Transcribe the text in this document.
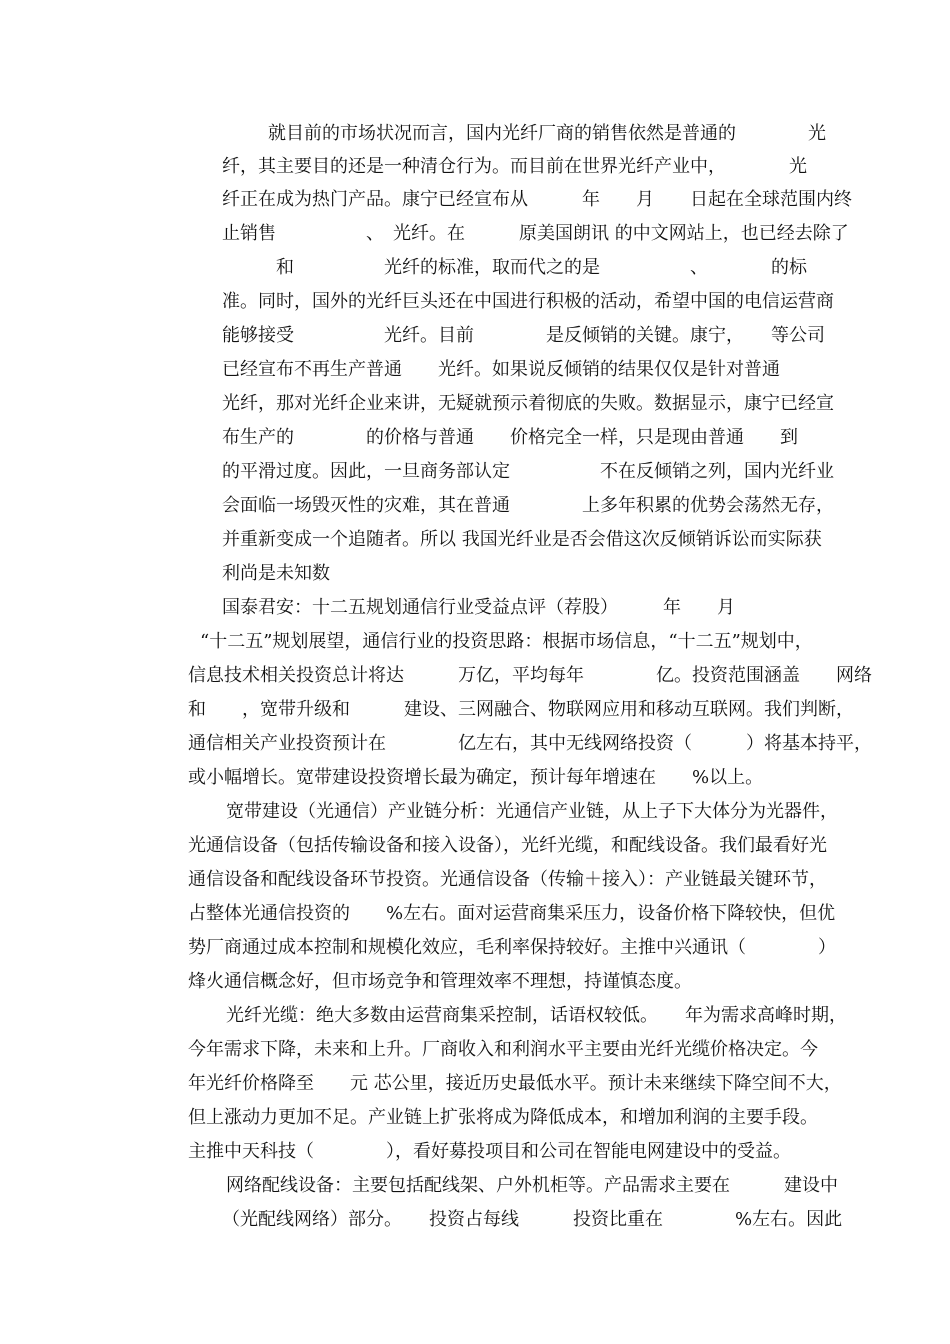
就目前的市场状况而言，国内光纤厂商的销售依然是普通的　　　　光
纤，其主要目的还是一种清仓行为。而目前在世界光纤产业中，　　　　光
纤正在成为热门产品。康宁已经宣布从　　　年　　月　　日起在全球范围内终
止销售　　　　　、　光纤。在　　　原美国朗讯 的中文网站上，也已经去除了
　　　和　　　　　光纤的标准，取而代之的是　　　　　、　　　　的标
准。同时，国外的光纤巨头还在中国进行积极的活动，希望中国的电信运营商
能够接受　　　　　光纤。目前　　　　是反倾销的关键。康宁，　　等公司
已经宣布不再生产普通　　光纤。如果说反倾销的结果仅仅是针对普通
光纤，那对光纤企业来讲，无疑就预示着彻底的失败。数据显示，康宁已经宣
布生产的　　　　的价格与普通　　价格完全一样，只是现由普通　　到
的平滑过度。因此，一旦商务部认定　　　　　不在反倾销之列，国内光纤业
会面临一场毁灭性的灾难，其在普通　　　　上多年积累的优势会荡然无存，
并重新变成一个追随者。所以 我国光纤业是否会借这次反倾销诉讼而实际获
利尚是未知数
国泰君安：十二五规划通信行业受益点评（荐股）　　　年　　月
“十二五”规划展望，通信行业的投资思路：根据市场信息，“十二五”规划中，
信息技术相关投资总计将达　　　万亿，平均每年　　　　亿。投资范围涵盖　　网络
和　　，宽带升级和　　　建设、三网融合、物联网应用和移动互联网。我们判断，
通信相关产业投资预计在　　　　亿左右，其中无线网络投资（　　　）将基本持平，
或小幅增长。宽带建设投资增长最为确定，预计每年增速在　　%以上。
宽带建设（光通信）产业链分析：光通信产业链，从上子下大体分为光器件，
光通信设备（包括传输设备和接入设备），光纤光缆，和配线设备。我们最看好光
通信设备和配线设备环节投资。光通信设备（传输＋接入）：产业链最关键环节，
占整体光通信投资的　　%左右。面对运营商集采压力，设备价格下降较快，但优
势厂商通过成本控制和规模化效应，毛利率保持较好。主推中兴通讯（　　　　）
烽火通信概念好，但市场竞争和管理效率不理想，持谨慎态度。
光纤光缆：绝大多数由运营商集采控制，话语权较低。　　年为需求高峰时期，
今年需求下降，未来和上升。厂商收入和利润水平主要由光纤光缆价格决定。今
年光纤价格降至　　元 芯公里，接近历史最低水平。预计未来继续下降空间不大，
但上涨动力更加不足。产业链上扩张将成为降低成本，和增加利润的主要手段。
主推中天科技（　　　　），看好募投项目和公司在智能电网建设中的受益。
网络配线设备：主要包括配线架、户外机柜等。产品需求主要在　　　建设中
（光配线网络）部分。　　投资占每线　　　投资比重在　　　　%左右。因此
